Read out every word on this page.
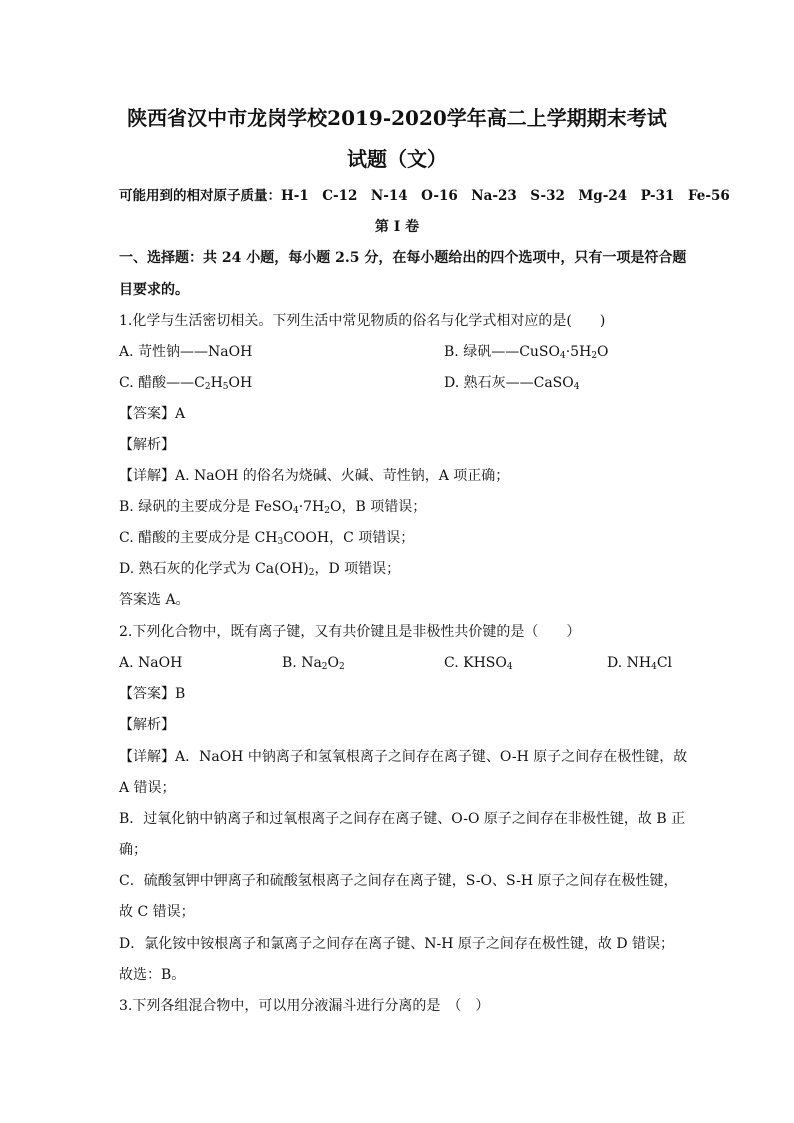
陕西省汉中市龙岗学校2019-2020学年高二上学期期末考试
试题（文）
可能用到的相对原子质量：H-1　C-12　N-14　O-16　Na-23　S-32　Mg-24　P-31　Fe-56
第 I 卷
一、选择题：共 24 小题，每小题 2.5 分，在每小题给出的四个选项中，只有一项是符合题
目要求的。
1.化学与生活密切相关。下列生活中常见物质的俗名与化学式相对应的是(　　)
A. 苛性钠——NaOH	B. 绿矾$——CuSO_4\cdot 5H_2O$
C. 醋酸$——C_2H_5OH$	D. 熟石灰——CaSO$_4$
【答案】A
【解析】
【详解】A. NaOH 的俗名为烧碱、火碱、苛性钠，A 项正确；
B. 绿矾的主要成分是 $FeSO_4\cdot 7H_2O$，B 项错误；
C. 醋酸的主要成分是 $CH_3COOH$，C 项错误；
D. 熟石灰的化学式为 $Ca(OH)_2$，D 项错误；
答案选 A。
2.下列化合物中，既有离子键，又有共价键且是非极性共价键的是（　　）
A. NaOH	B. $Na_2O_2$	C. $KHSO_4$	D. $NH_4Cl$
【答案】B
【解析】
【详解】A．NaOH 中钠离子和氢氧根离子之间存在离子键、O-H 原子之间存在极性键，故
A 错误；
B．过氧化钠中钠离子和过氧根离子之间存在离子键、O-O 原子之间存在非极性键，故 B 正
确；
C．硫酸氢钾中钾离子和硫酸氢根离子之间存在离子键，S-O、S-H 原子之间存在极性键，
故 C 错误；
D．氯化铵中铵根离子和氯离子之间存在离子键、N-H 原子之间存在极性键，故 D 错误；
故选：B。
3.下列各组混合物中，可以用分液漏斗进行分离的是　（　）
